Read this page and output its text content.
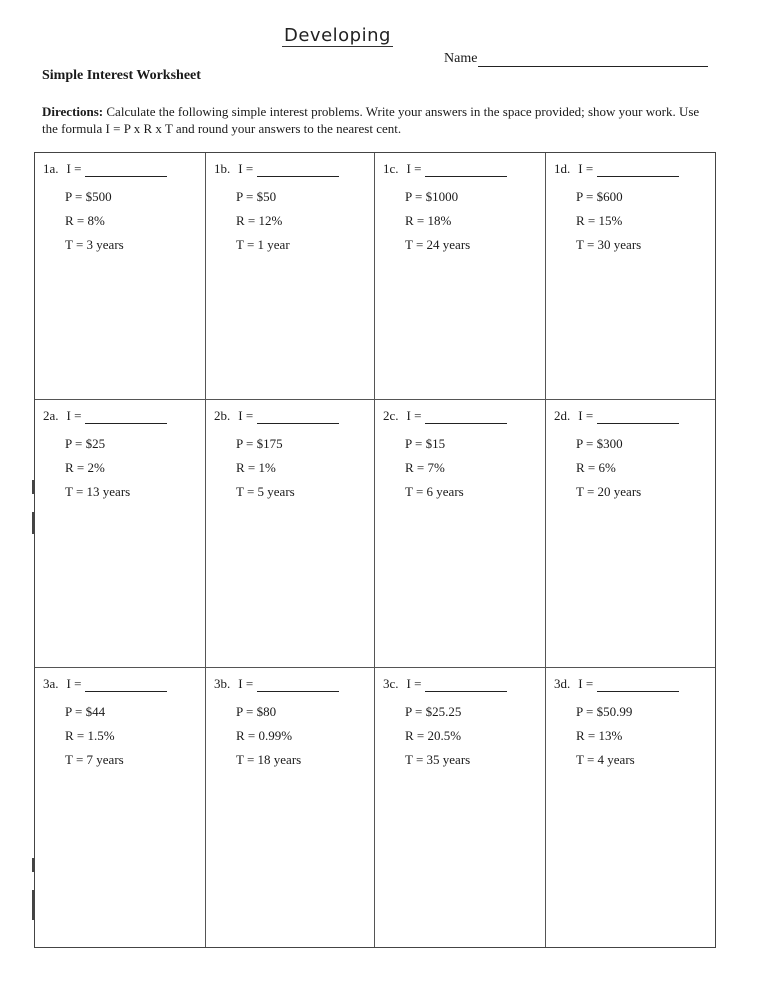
Developing
Name
Simple Interest Worksheet
Directions: Calculate the following simple interest problems. Write your answers in the space provided; show your work. Use the formula I = P x R x T and round your answers to the nearest cent.
1a. I =
P = $500
R = 8%
T = 3 years
1b. I =
P = $50
R = 12%
T = 1 year
1c. I =
P = $1000
R = 18%
T = 24 years
1d. I =
P = $600
R = 15%
T = 30 years
2a. I =
P = $25
R = 2%
T = 13 years
2b. I =
P = $175
R = 1%
T = 5 years
2c. I =
P = $15
R = 7%
T = 6 years
2d. I =
P = $300
R = 6%
T = 20 years
3a. I =
P = $44
R = 1.5%
T = 7 years
3b. I =
P = $80
R = 0.99%
T = 18 years
3c. I =
P = $25.25
R = 20.5%
T = 35 years
3d. I =
P = $50.99
R = 13%
T = 4 years
